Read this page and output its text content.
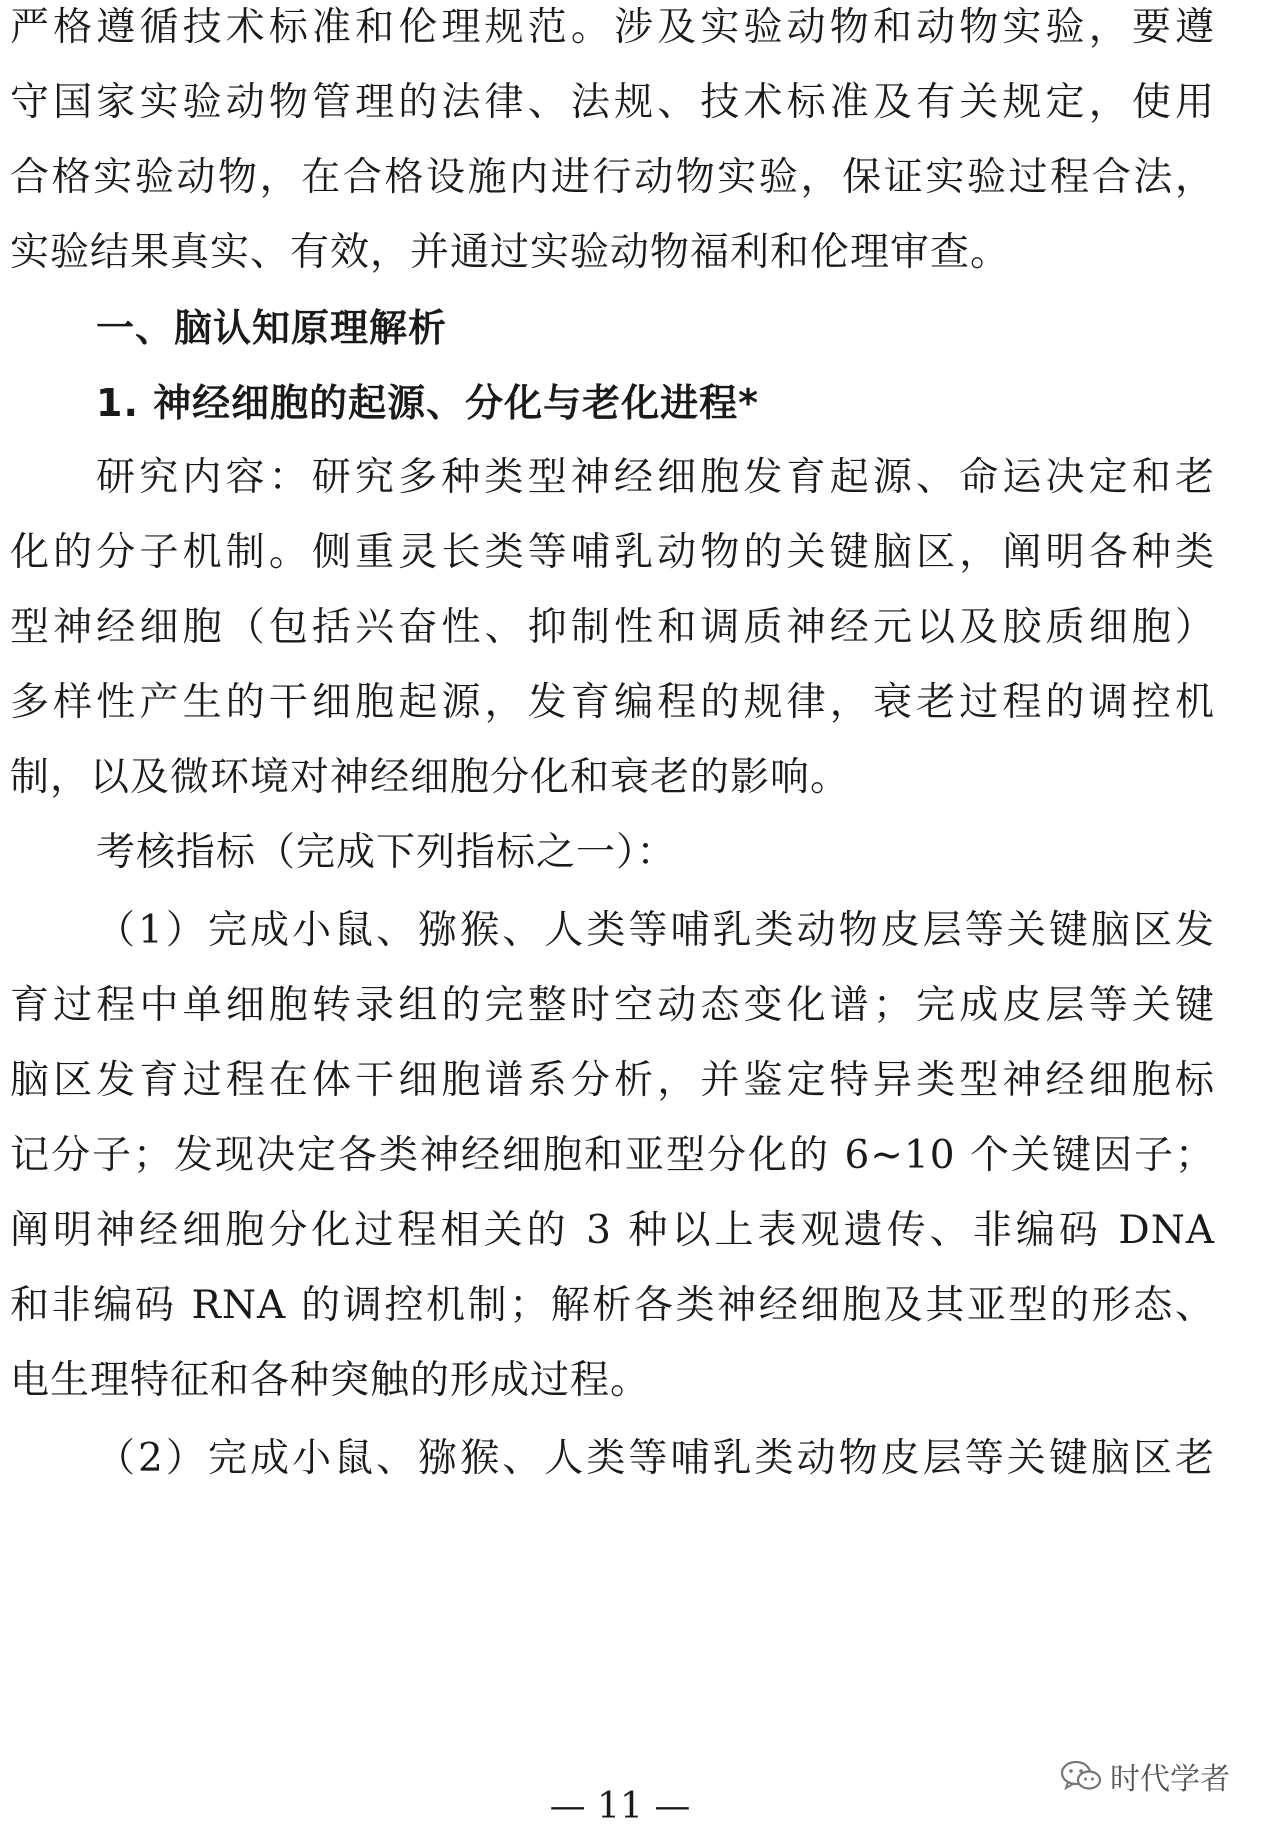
严格遵循技术标准和伦理规范。涉及实验动物和动物实验，要遵
守国家实验动物管理的法律、法规、技术标准及有关规定，使用
合格实验动物，在合格设施内进行动物实验，保证实验过程合法，
实验结果真实、有效，并通过实验动物福利和伦理审查。
一、脑认知原理解析
1. 神经细胞的起源、分化与老化进程*
研究内容：研究多种类型神经细胞发育起源、命运决定和老
化的分子机制。侧重灵长类等哺乳动物的关键脑区，阐明各种类
型神经细胞（包括兴奋性、抑制性和调质神经元以及胶质细胞）
多样性产生的干细胞起源，发育编程的规律，衰老过程的调控机
制，以及微环境对神经细胞分化和衰老的影响。
考核指标（完成下列指标之一）：
（1）完成小鼠、猕猴、人类等哺乳类动物皮层等关键脑区发
育过程中单细胞转录组的完整时空动态变化谱；完成皮层等关键
脑区发育过程在体干细胞谱系分析，并鉴定特异类型神经细胞标
记分子；发现决定各类神经细胞和亚型分化的 6~10 个关键因子；
阐明神经细胞分化过程相关的 3 种以上表观遗传、非编码 DNA
和非编码 RNA 的调控机制；解析各类神经细胞及其亚型的形态、
电生理特征和各种突触的形成过程。
（2）完成小鼠、猕猴、人类等哺乳类动物皮层等关键脑区老
时代学者
— 11 —
